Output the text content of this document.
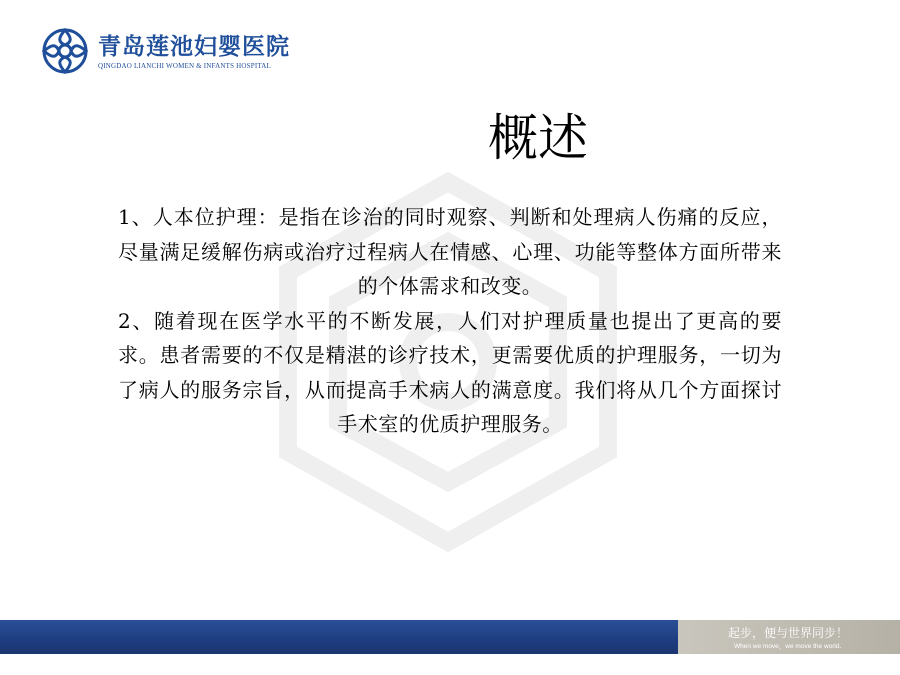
青岛莲池妇婴医院
QINGDAO LIANCHI WOMEN & INFANTS HOSPITAL
概述

1、人本位护理：是指在诊治的同时观察、判断和处理病人伤痛的反应，尽量满足缓解伤病或治疗过程病人在情感、心理、功能等整体方面所带来的个体需求和改变。

2、随着现在医学水平的不断发展，人们对护理质量也提出了更高的要求。患者需要的不仅是精湛的诊疗技术，更需要优质的护理服务，一切为了病人的服务宗旨，从而提高手术病人的满意度。我们将从几个方面探讨手术室的优质护理服务。

起步，便与世界同步！
When we move，we move the world.
